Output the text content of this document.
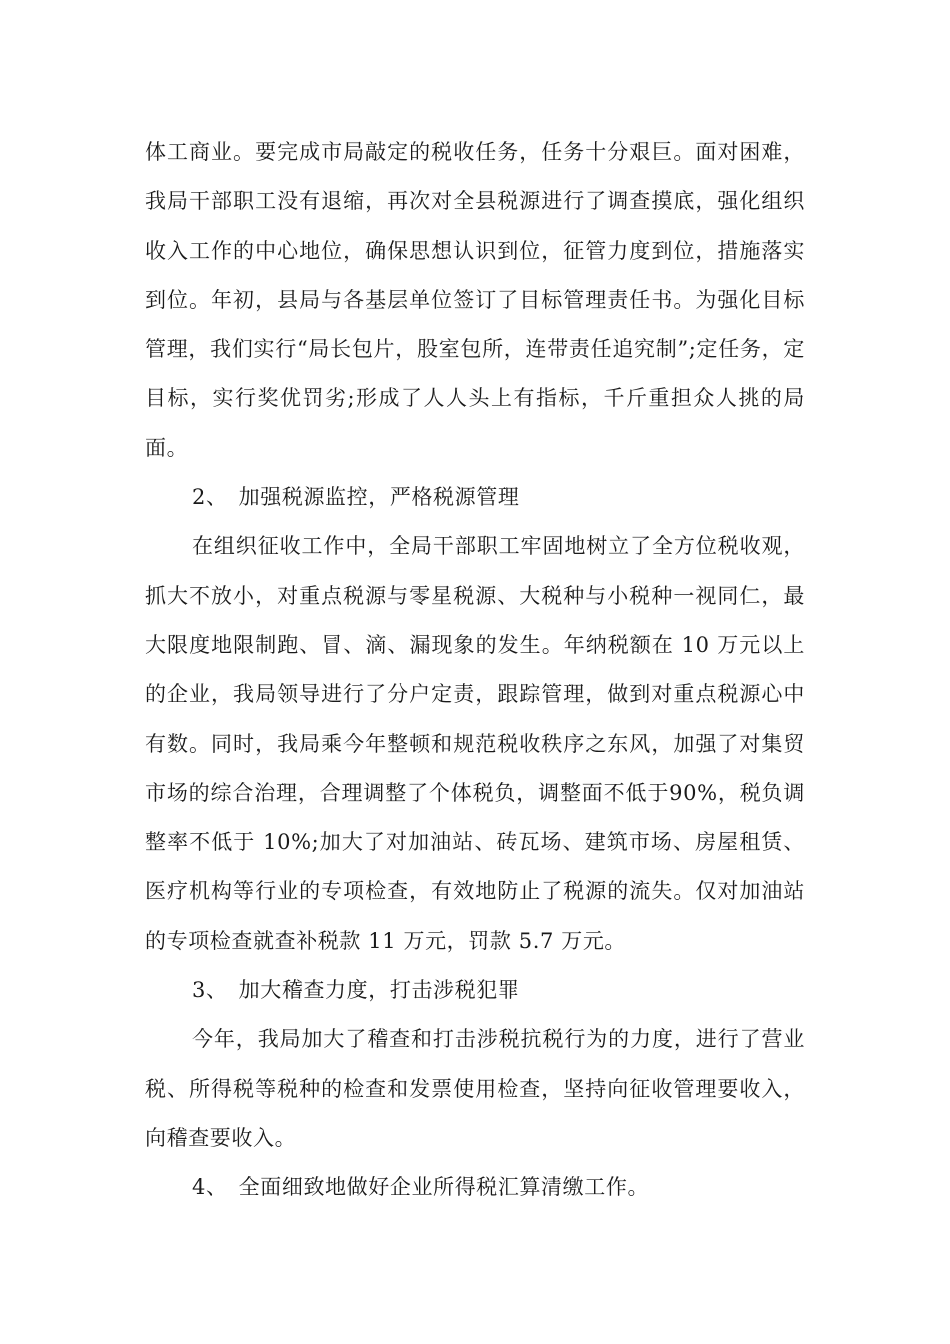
体工商业。要完成市局敲定的税收任务，任务十分艰巨。面对困难，我局干部职工没有退缩，再次对全县税源进行了调查摸底，强化组织收入工作的中心地位，确保思想认识到位，征管力度到位，措施落实到位。年初，县局与各基层单位签订了目标管理责任书。为强化目标管理，我们实行“局长包片，股室包所，连带责任追究制”;定任务，定目标，实行奖优罚劣;形成了人人头上有指标，千斤重担众人挑的局面。

2、　加强税源监控，严格税源管理

在组织征收工作中，全局干部职工牢固地树立了全方位税收观，抓大不放小，对重点税源与零星税源、大税种与小税种一视同仁，最大限度地限制跑、冒、滴、漏现象的发生。年纳税额在 10 万元以上的企业，我局领导进行了分户定责，跟踪管理，做到对重点税源心中有数。同时，我局乘今年整顿和规范税收秩序之东风，加强了对集贸市场的综合治理，合理调整了个体税负，调整面不低于90%，税负调整率不低于 10%;加大了对加油站、砖瓦场、建筑市场、房屋租赁、医疗机构等行业的专项检查，有效地防止了税源的流失。仅对加油站的专项检查就查补税款 11 万元，罚款 5.7 万元。

3、　加大稽查力度，打击涉税犯罪

今年，我局加大了稽查和打击涉税抗税行为的力度，进行了营业税、所得税等税种的检查和发票使用检查，坚持向征收管理要收入，向稽查要收入。

4、　全面细致地做好企业所得税汇算清缴工作。
